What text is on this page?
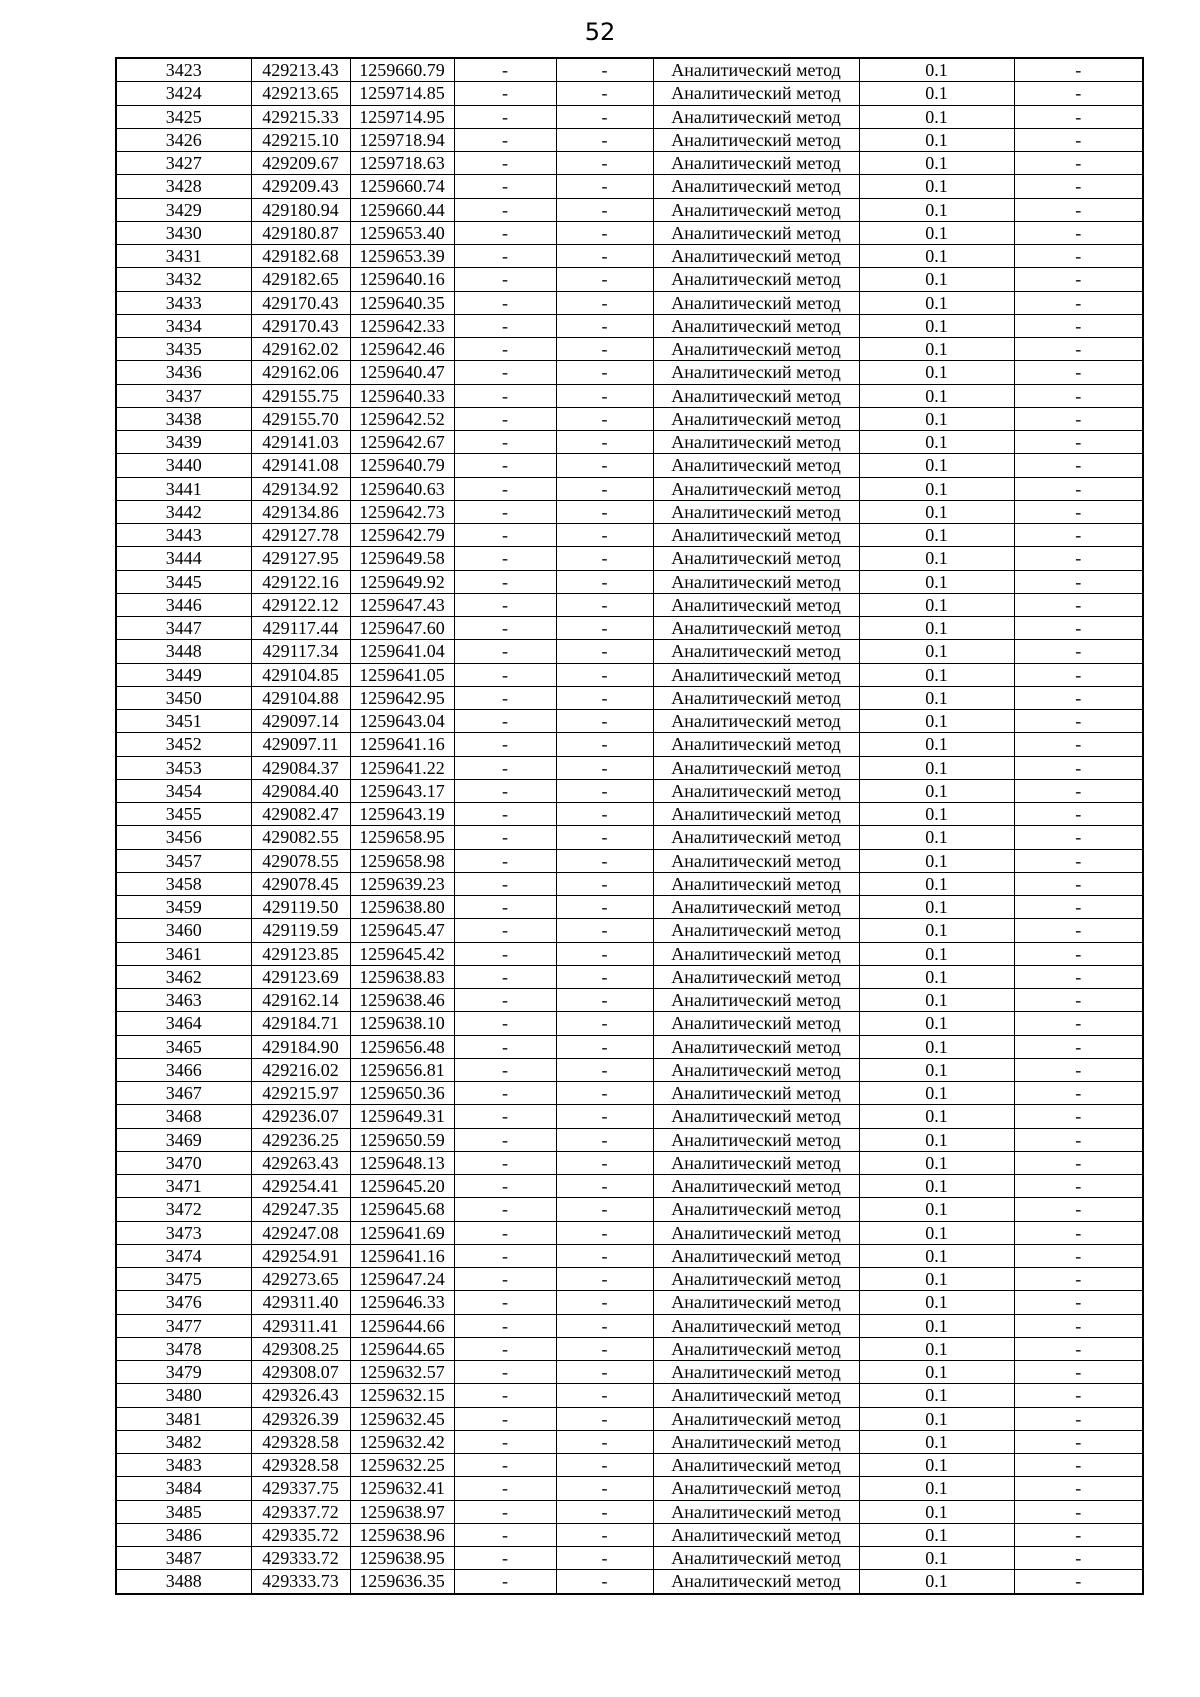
52
3423	429213.43	1259660.79	-	-	Аналитический метод	0.1	-
3424	429213.65	1259714.85	-	-	Аналитический метод	0.1	-
3425	429215.33	1259714.95	-	-	Аналитический метод	0.1	-
3426	429215.10	1259718.94	-	-	Аналитический метод	0.1	-
3427	429209.67	1259718.63	-	-	Аналитический метод	0.1	-
3428	429209.43	1259660.74	-	-	Аналитический метод	0.1	-
3429	429180.94	1259660.44	-	-	Аналитический метод	0.1	-
3430	429180.87	1259653.40	-	-	Аналитический метод	0.1	-
3431	429182.68	1259653.39	-	-	Аналитический метод	0.1	-
3432	429182.65	1259640.16	-	-	Аналитический метод	0.1	-
3433	429170.43	1259640.35	-	-	Аналитический метод	0.1	-
3434	429170.43	1259642.33	-	-	Аналитический метод	0.1	-
3435	429162.02	1259642.46	-	-	Аналитический метод	0.1	-
3436	429162.06	1259640.47	-	-	Аналитический метод	0.1	-
3437	429155.75	1259640.33	-	-	Аналитический метод	0.1	-
3438	429155.70	1259642.52	-	-	Аналитический метод	0.1	-
3439	429141.03	1259642.67	-	-	Аналитический метод	0.1	-
3440	429141.08	1259640.79	-	-	Аналитический метод	0.1	-
3441	429134.92	1259640.63	-	-	Аналитический метод	0.1	-
3442	429134.86	1259642.73	-	-	Аналитический метод	0.1	-
3443	429127.78	1259642.79	-	-	Аналитический метод	0.1	-
3444	429127.95	1259649.58	-	-	Аналитический метод	0.1	-
3445	429122.16	1259649.92	-	-	Аналитический метод	0.1	-
3446	429122.12	1259647.43	-	-	Аналитический метод	0.1	-
3447	429117.44	1259647.60	-	-	Аналитический метод	0.1	-
3448	429117.34	1259641.04	-	-	Аналитический метод	0.1	-
3449	429104.85	1259641.05	-	-	Аналитический метод	0.1	-
3450	429104.88	1259642.95	-	-	Аналитический метод	0.1	-
3451	429097.14	1259643.04	-	-	Аналитический метод	0.1	-
3452	429097.11	1259641.16	-	-	Аналитический метод	0.1	-
3453	429084.37	1259641.22	-	-	Аналитический метод	0.1	-
3454	429084.40	1259643.17	-	-	Аналитический метод	0.1	-
3455	429082.47	1259643.19	-	-	Аналитический метод	0.1	-
3456	429082.55	1259658.95	-	-	Аналитический метод	0.1	-
3457	429078.55	1259658.98	-	-	Аналитический метод	0.1	-
3458	429078.45	1259639.23	-	-	Аналитический метод	0.1	-
3459	429119.50	1259638.80	-	-	Аналитический метод	0.1	-
3460	429119.59	1259645.47	-	-	Аналитический метод	0.1	-
3461	429123.85	1259645.42	-	-	Аналитический метод	0.1	-
3462	429123.69	1259638.83	-	-	Аналитический метод	0.1	-
3463	429162.14	1259638.46	-	-	Аналитический метод	0.1	-
3464	429184.71	1259638.10	-	-	Аналитический метод	0.1	-
3465	429184.90	1259656.48	-	-	Аналитический метод	0.1	-
3466	429216.02	1259656.81	-	-	Аналитический метод	0.1	-
3467	429215.97	1259650.36	-	-	Аналитический метод	0.1	-
3468	429236.07	1259649.31	-	-	Аналитический метод	0.1	-
3469	429236.25	1259650.59	-	-	Аналитический метод	0.1	-
3470	429263.43	1259648.13	-	-	Аналитический метод	0.1	-
3471	429254.41	1259645.20	-	-	Аналитический метод	0.1	-
3472	429247.35	1259645.68	-	-	Аналитический метод	0.1	-
3473	429247.08	1259641.69	-	-	Аналитический метод	0.1	-
3474	429254.91	1259641.16	-	-	Аналитический метод	0.1	-
3475	429273.65	1259647.24	-	-	Аналитический метод	0.1	-
3476	429311.40	1259646.33	-	-	Аналитический метод	0.1	-
3477	429311.41	1259644.66	-	-	Аналитический метод	0.1	-
3478	429308.25	1259644.65	-	-	Аналитический метод	0.1	-
3479	429308.07	1259632.57	-	-	Аналитический метод	0.1	-
3480	429326.43	1259632.15	-	-	Аналитический метод	0.1	-
3481	429326.39	1259632.45	-	-	Аналитический метод	0.1	-
3482	429328.58	1259632.42	-	-	Аналитический метод	0.1	-
3483	429328.58	1259632.25	-	-	Аналитический метод	0.1	-
3484	429337.75	1259632.41	-	-	Аналитический метод	0.1	-
3485	429337.72	1259638.97	-	-	Аналитический метод	0.1	-
3486	429335.72	1259638.96	-	-	Аналитический метод	0.1	-
3487	429333.72	1259638.95	-	-	Аналитический метод	0.1	-
3488	429333.73	1259636.35	-	-	Аналитический метод	0.1	-
